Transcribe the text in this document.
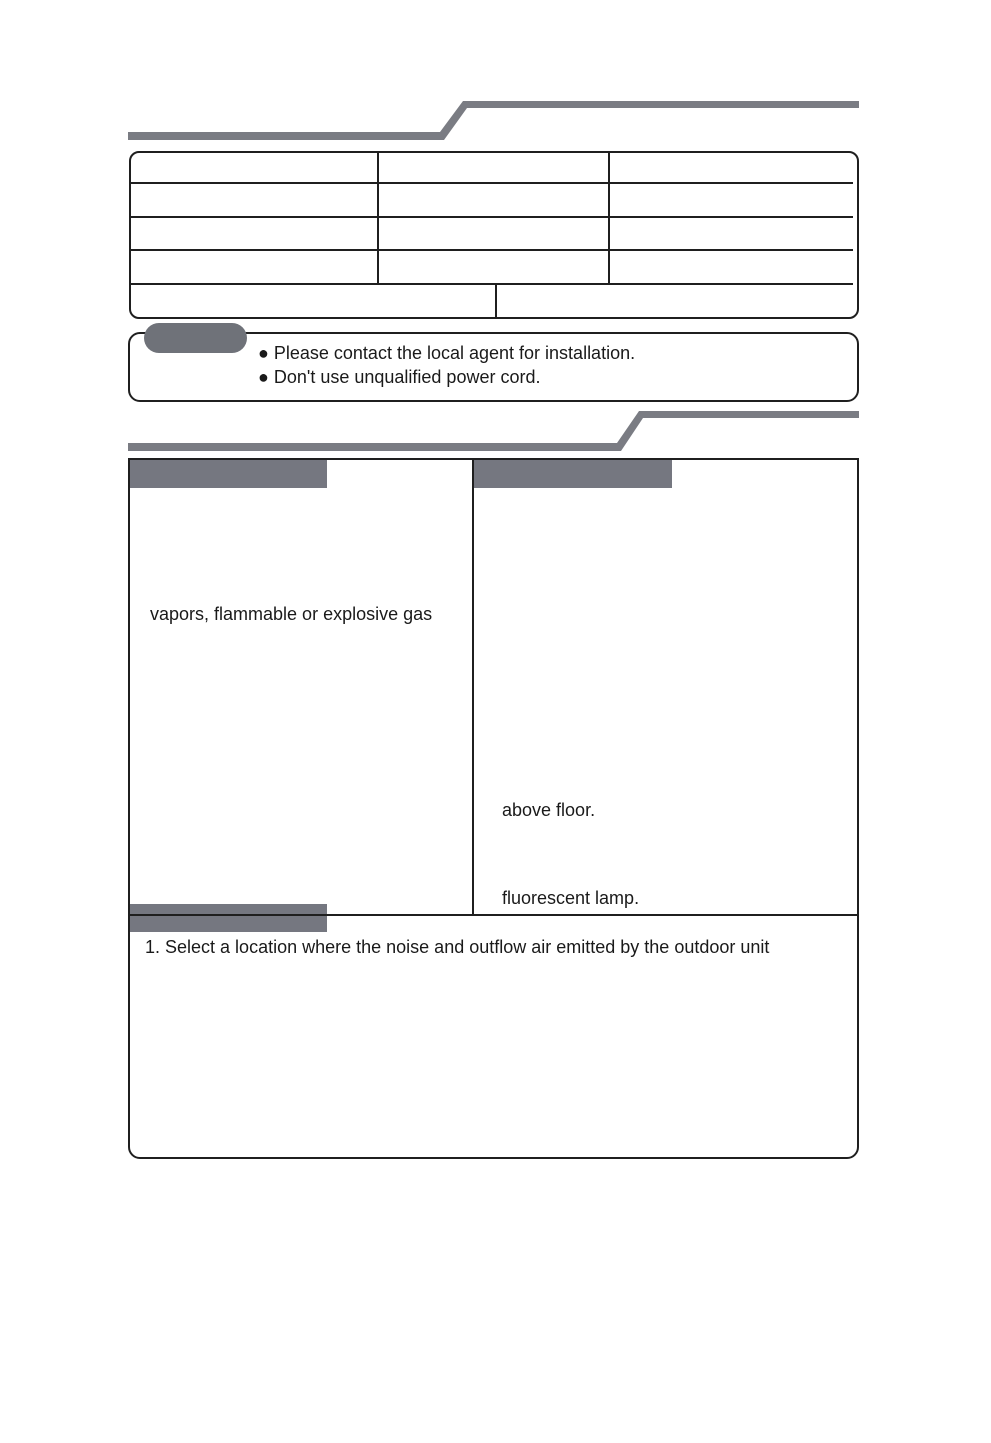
● Please contact the local agent for installation.
● Don't use unqualified power cord.
vapors, flammable or explosive gas
above floor.
fluorescent lamp.
1. Select a location where the noise and outflow air emitted by the outdoor unit
